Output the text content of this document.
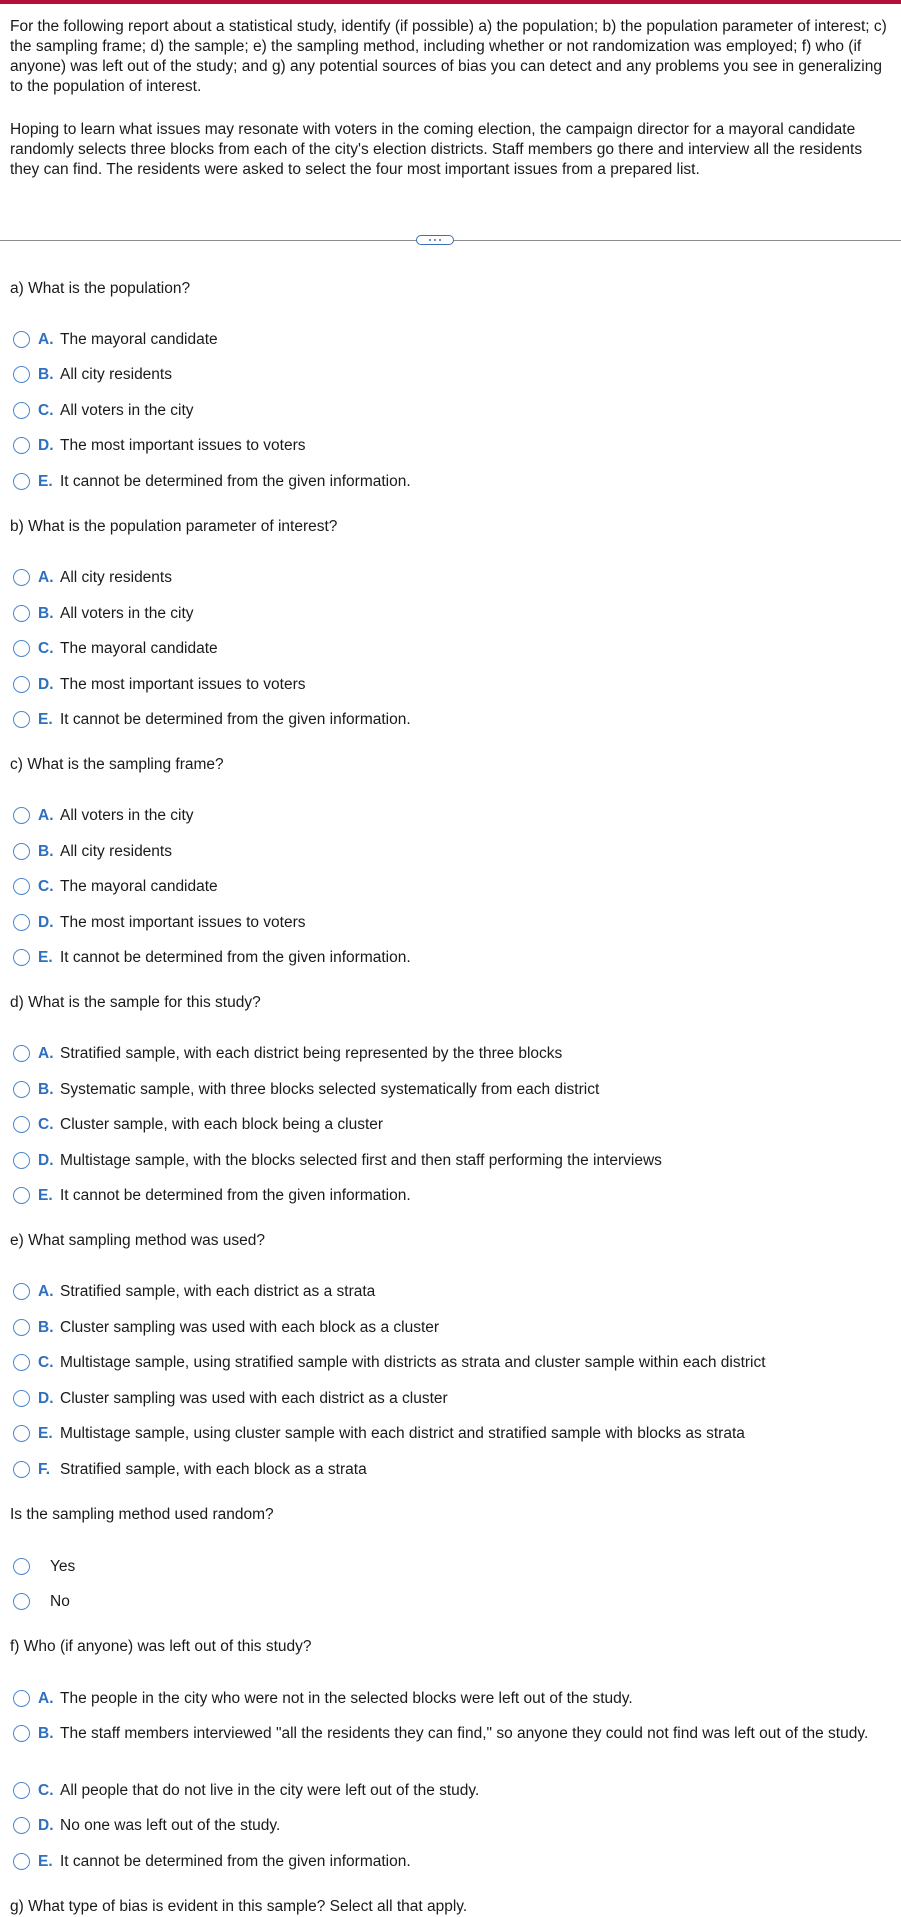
For the following report about a statistical study, identify (if possible) a) the population; b) the population parameter of interest; c) the sampling frame; d) the sample; e) the sampling method, including whether or not randomization was employed; f) who (if anyone) was left out of the study; and g) any potential sources of bias you can detect and any problems you see in generalizing to the population of interest.

Hoping to learn what issues may resonate with voters in the coming election, the campaign director for a mayoral candidate randomly selects three blocks from each of the city's election districts. Staff members go there and interview all the residents they can find. The residents were asked to select the four most important issues from a prepared list.

a) What is the population?
A. The mayoral candidate
B. All city residents
C. All voters in the city
D. The most important issues to voters
E. It cannot be determined from the given information.
b) What is the population parameter of interest?
A. All city residents
B. All voters in the city
C. The mayoral candidate
D. The most important issues to voters
E. It cannot be determined from the given information.
c) What is the sampling frame?
A. All voters in the city
B. All city residents
C. The mayoral candidate
D. The most important issues to voters
E. It cannot be determined from the given information.
d) What is the sample for this study?
A. Stratified sample, with each district being represented by the three blocks
B. Systematic sample, with three blocks selected systematically from each district
C. Cluster sample, with each block being a cluster
D. Multistage sample, with the blocks selected first and then staff performing the interviews
E. It cannot be determined from the given information.
e) What sampling method was used?
A. Stratified sample, with each district as a strata
B. Cluster sampling was used with each block as a cluster
C. Multistage sample, using stratified sample with districts as strata and cluster sample within each district
D. Cluster sampling was used with each district as a cluster
E. Multistage sample, using cluster sample with each district and stratified sample with blocks as strata
F. Stratified sample, with each block as a strata
Is the sampling method used random?
Yes
No
f) Who (if anyone) was left out of this study?
A. The people in the city who were not in the selected blocks were left out of the study.
B. The staff members interviewed "all the residents they can find," so anyone they could not find was left out of the study.
C. All people that do not live in the city were left out of the study.
D. No one was left out of the study.
E. It cannot be determined from the given information.
g) What type of bias is evident in this sample? Select all that apply.
